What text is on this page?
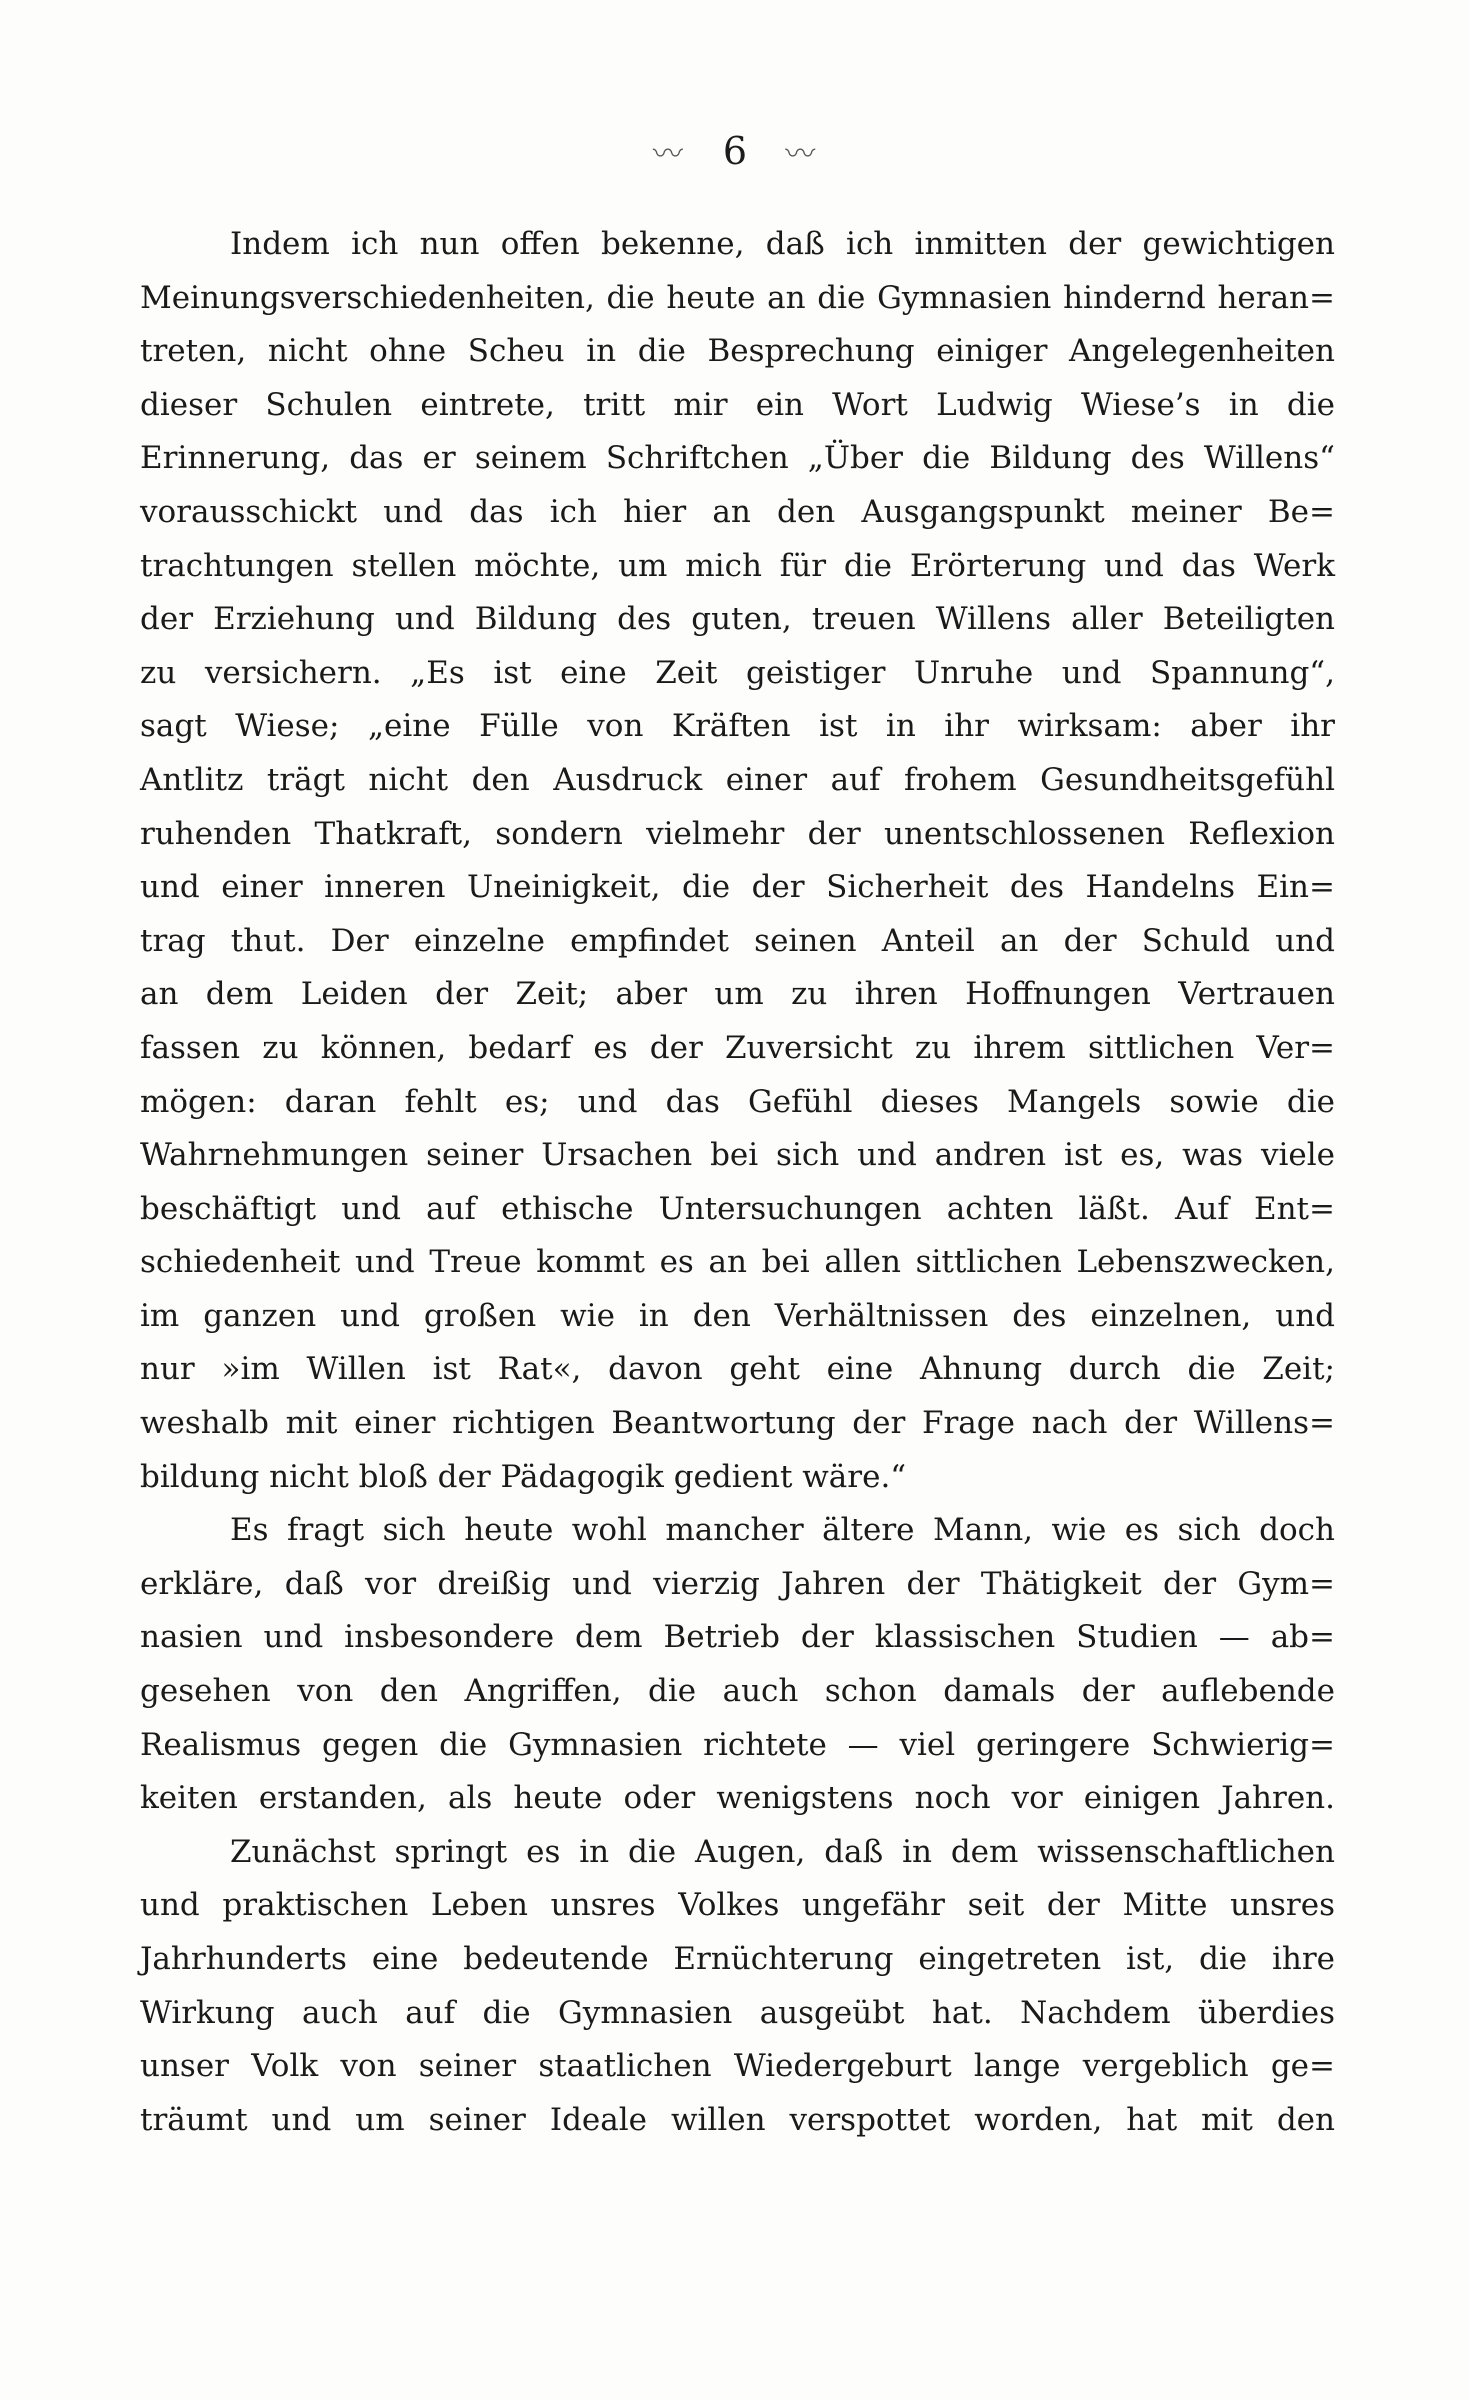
〰 6 〰
Indem ich nun offen bekenne, daß ich inmitten der gewichtigen
Meinungsverschiedenheiten, die heute an die Gymnasien hindernd heran=
treten, nicht ohne Scheu in die Besprechung einiger Angelegenheiten
dieser Schulen eintrete, tritt mir ein Wort Ludwig Wiese’s in die
Erinnerung, das er seinem Schriftchen „Über die Bildung des Willens“
vorausschickt und das ich hier an den Ausgangspunkt meiner Be=
trachtungen stellen möchte, um mich für die Erörterung und das Werk
der Erziehung und Bildung des guten, treuen Willens aller Beteiligten
zu versichern. „Es ist eine Zeit geistiger Unruhe und Spannung“,
sagt Wiese; „eine Fülle von Kräften ist in ihr wirksam: aber ihr
Antlitz trägt nicht den Ausdruck einer auf frohem Gesundheitsgefühl
ruhenden Thatkraft, sondern vielmehr der unentschlossenen Reflexion
und einer inneren Uneinigkeit, die der Sicherheit des Handelns Ein=
trag thut. Der einzelne empfindet seinen Anteil an der Schuld und
an dem Leiden der Zeit; aber um zu ihren Hoffnungen Vertrauen
fassen zu können, bedarf es der Zuversicht zu ihrem sittlichen Ver=
mögen: daran fehlt es; und das Gefühl dieses Mangels sowie die
Wahrnehmungen seiner Ursachen bei sich und andren ist es, was viele
beschäftigt und auf ethische Untersuchungen achten läßt. Auf Ent=
schiedenheit und Treue kommt es an bei allen sittlichen Lebenszwecken,
im ganzen und großen wie in den Verhältnissen des einzelnen, und
nur »im Willen ist Rat«, davon geht eine Ahnung durch die Zeit;
weshalb mit einer richtigen Beantwortung der Frage nach der Willens=
bildung nicht bloß der Pädagogik gedient wäre.“
Es fragt sich heute wohl mancher ältere Mann, wie es sich doch
erkläre, daß vor dreißig und vierzig Jahren der Thätigkeit der Gym=
nasien und insbesondere dem Betrieb der klassischen Studien — ab=
gesehen von den Angriffen, die auch schon damals der auflebende
Realismus gegen die Gymnasien richtete — viel geringere Schwierig=
keiten erstanden, als heute oder wenigstens noch vor einigen Jahren.
Zunächst springt es in die Augen, daß in dem wissenschaftlichen
und praktischen Leben unsres Volkes ungefähr seit der Mitte unsres
Jahrhunderts eine bedeutende Ernüchterung eingetreten ist, die ihre
Wirkung auch auf die Gymnasien ausgeübt hat. Nachdem überdies
unser Volk von seiner staatlichen Wiedergeburt lange vergeblich ge=
träumt und um seiner Ideale willen verspottet worden, hat mit den
